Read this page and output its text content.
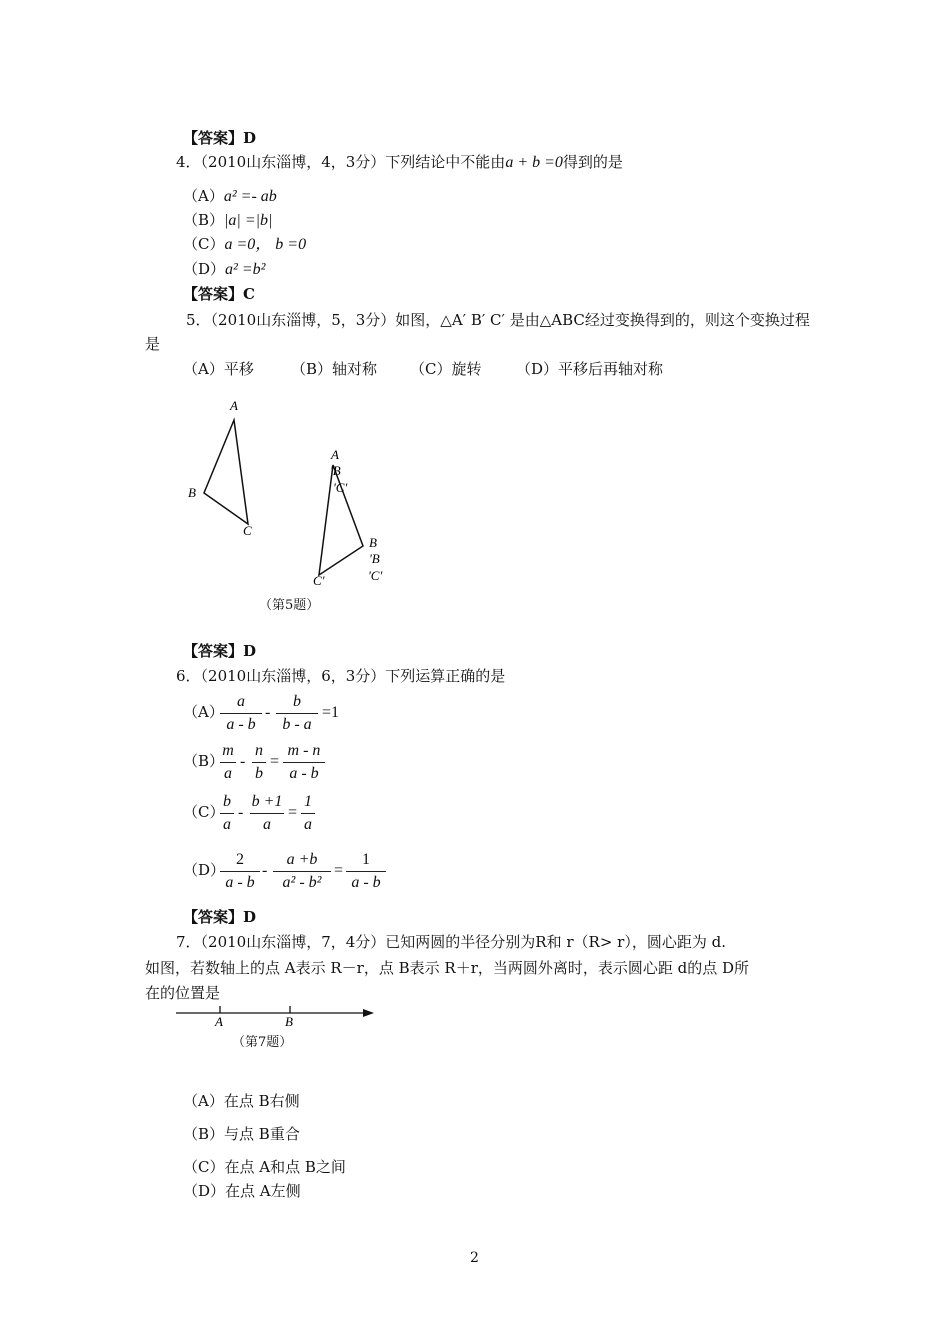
【答案】D
4．（2010山东淄博，4，3分）下列结论中不能由a + b =0得到的是
（A）a² =- ab
（B）|a| =|b|
（C）a =0， b =0
（D）a² =b²
【答案】C
5．（2010山东淄博，5，3分）如图，△A′ B′ C′ 是由△ABC经过变换得到的，则这个变换过程
是
（A）平移 （B）轴对称 （C）旋转 （D）平移后再轴对称
A
B
C
A
'B
'C'
B
'B
'C'
C'
A	B
（第5题）
【答案】D
6．（2010山东淄博，6，3分）下列运算正确的是
（A）
a
a - b
-
b
b - a
=1
（B）
m
a
-
n
b
=
m - n
a - b
（C）
b
a
-
b +1
a
=
1
a
（D）
2
a - b
-
a +b
a² - b²
=
1
a - b
【答案】D
7．（2010山东淄博，7，4分）已知两圆的半径分别为R和 r（R> r），圆心距为 d.
如图，若数轴上的点 A表示 R－r，点 B表示 R＋r，当两圆外离时，表示圆心距 d的点 D所
在的位置是
（第7题）
（A）在点 B右侧
（B）与点 B重合
（C）在点 A和点 B之间
（D）在点 A左侧
2
